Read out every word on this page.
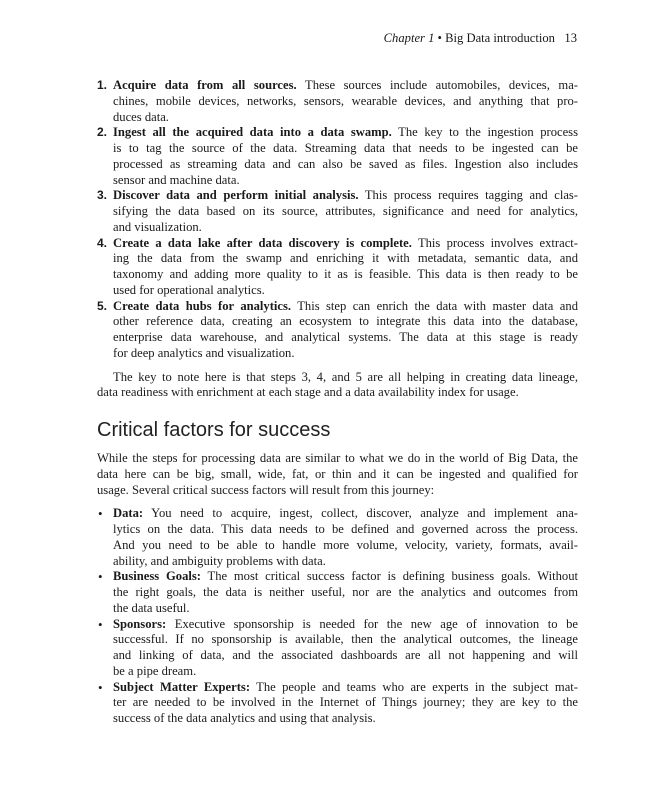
Chapter 1 • Big Data introduction 13
1. Acquire data from all sources. These sources include automobiles, devices, ma-
chines, mobile devices, networks, sensors, wearable devices, and anything that pro-
duces data.
2. Ingest all the acquired data into a data swamp. The key to the ingestion process
is to tag the source of the data. Streaming data that needs to be ingested can be
processed as streaming data and can also be saved as files. Ingestion also includes
sensor and machine data.
3. Discover data and perform initial analysis. This process requires tagging and clas-
sifying the data based on its source, attributes, significance and need for analytics,
and visualization.
4. Create a data lake after data discovery is complete. This process involves extract-
ing the data from the swamp and enriching it with metadata, semantic data, and
taxonomy and adding more quality to it as is feasible. This data is then ready to be
used for operational analytics.
5. Create data hubs for analytics. This step can enrich the data with master data and
other reference data, creating an ecosystem to integrate this data into the database,
enterprise data warehouse, and analytical systems. The data at this stage is ready
for deep analytics and visualization.
The key to note here is that steps 3, 4, and 5 are all helping in creating data lineage,
data readiness with enrichment at each stage and a data availability index for usage.
Critical factors for success
While the steps for processing data are similar to what we do in the world of Big Data, the
data here can be big, small, wide, fat, or thin and it can be ingested and qualified for
usage. Several critical success factors will result from this journey:
• Data: You need to acquire, ingest, collect, discover, analyze and implement ana-
lytics on the data. This data needs to be defined and governed across the process.
And you need to be able to handle more volume, velocity, variety, formats, avail-
ability, and ambiguity problems with data.
• Business Goals: The most critical success factor is defining business goals. Without
the right goals, the data is neither useful, nor are the analytics and outcomes from
the data useful.
• Sponsors: Executive sponsorship is needed for the new age of innovation to be
successful. If no sponsorship is available, then the analytical outcomes, the lineage
and linking of data, and the associated dashboards are all not happening and will
be a pipe dream.
• Subject Matter Experts: The people and teams who are experts in the subject mat-
ter are needed to be involved in the Internet of Things journey; they are key to the
success of the data analytics and using that analysis.
